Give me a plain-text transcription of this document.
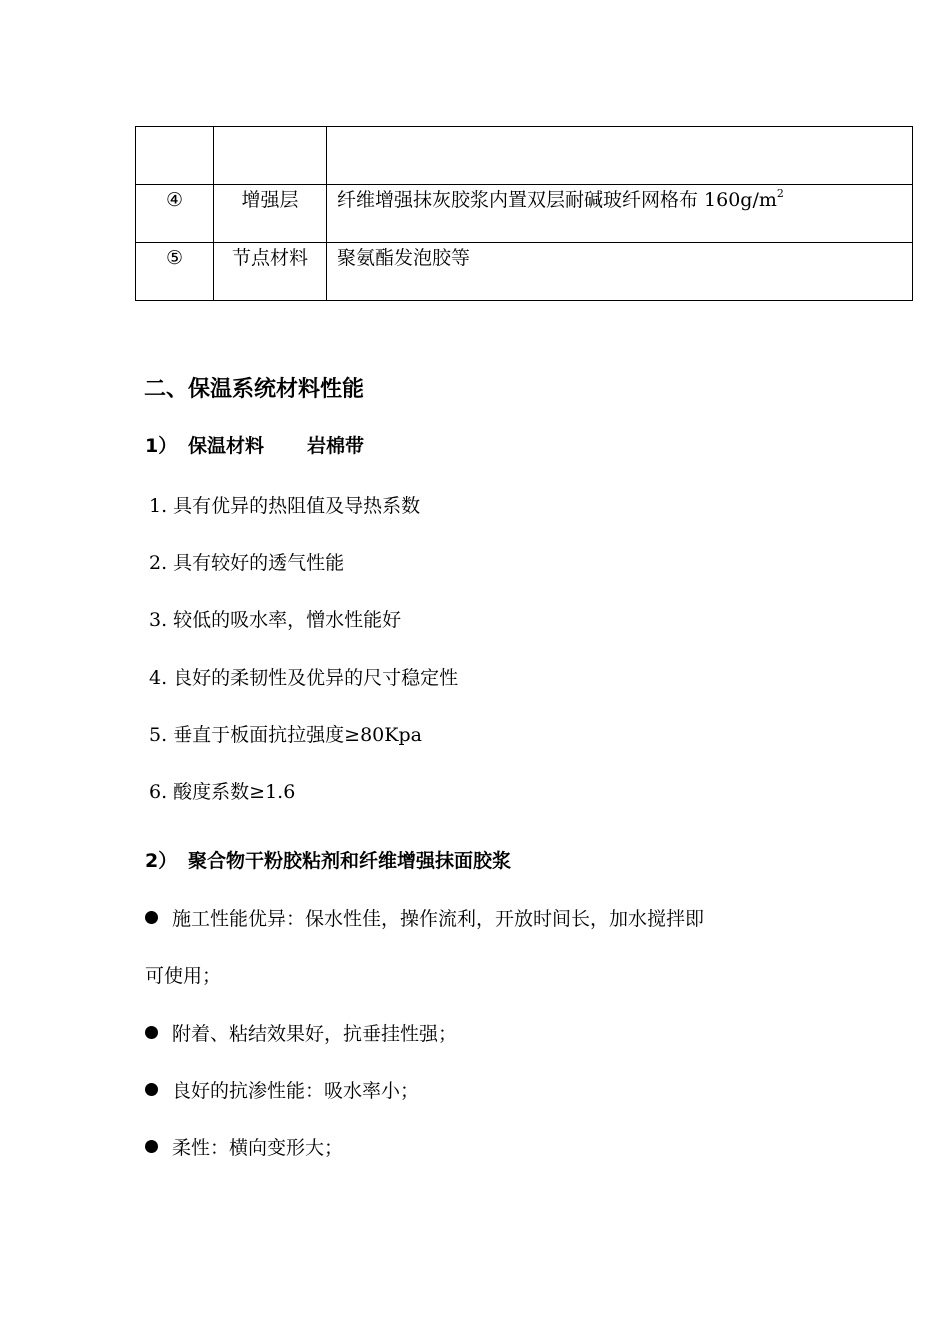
④	增强层	纤维增强抹灰胶浆内置双层耐碱玻纤网格布 $160g/m^2$

⑤	节点材料	聚氨酯发泡胶等
二、保温系统材料性能
1） 保温材料 岩棉带
1. 具有优异的热阻值及导热系数
2. 具有较好的透气性能
3. 较低的吸水率，憎水性能好
4. 良好的柔韧性及优异的尺寸稳定性
5. 垂直于板面抗拉强度≥80Kpa
6. 酸度系数≥1.6
2） 聚合物干粉胶粘剂和纤维增强抹面胶浆
施工性能优异：保水性佳，操作流利，开放时间长，加水搅拌即
可使用；
附着、粘结效果好，抗垂挂性强；
良好的抗渗性能：吸水率小；
柔性：横向变形大；
